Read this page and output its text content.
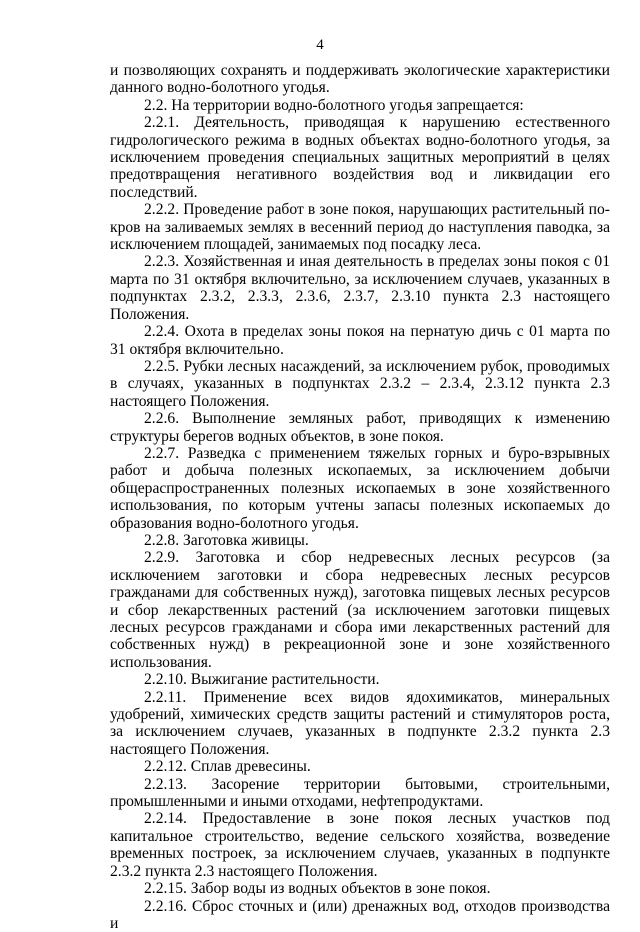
4

и позволяющих сохранять и поддерживать экологические характеристики данного водно-болотного угодья.

2.2. На территории водно-болотного угодья запрещается:

2.2.1. Деятельность, приводящая к нарушению естественного гидрологического режима в водных объектах водно-болотного угодья, за исключением проведения специальных защитных мероприятий в целях предотвращения негативного воздействия вод и ликвидации его последствий.

2.2.2. Проведение работ в зоне покоя, нарушающих растительный покров на заливаемых землях в весенний период до наступления паводка, за исключением площадей, занимаемых под посадку леса.

2.2.3. Хозяйственная и иная деятельность в пределах зоны покоя с 01 марта по 31 октября включительно, за исключением случаев, указанных в подпунктах 2.3.2, 2.3.3, 2.3.6, 2.3.7, 2.3.10 пункта 2.3 настоящего Положения.

2.2.4. Охота в пределах зоны покоя на пернатую дичь с 01 марта по 31 октября включительно.

2.2.5. Рубки лесных насаждений, за исключением рубок, проводимых в случаях, указанных в подпунктах 2.3.2 – 2.3.4, 2.3.12 пункта 2.3 настоящего Положения.

2.2.6. Выполнение земляных работ, приводящих к изменению структуры берегов водных объектов, в зоне покоя.

2.2.7. Разведка с применением тяжелых горных и буро-взрывных работ и добыча полезных ископаемых, за исключением добычи общераспространенных полезных ископаемых в зоне хозяйственного использования, по которым учтены запасы полезных ископаемых до образования водно-болотного угодья.

2.2.8. Заготовка живицы.

2.2.9. Заготовка и сбор недревесных лесных ресурсов (за исключением заготовки и сбора недревесных лесных ресурсов гражданами для собственных нужд), заготовка пищевых лесных ресурсов и сбор лекарственных растений (за исключением заготовки пищевых лесных ресурсов гражданами и сбора ими лекарственных растений для собственных нужд) в рекреационной зоне и зоне хозяйственного использования.

2.2.10. Выжигание растительности.

2.2.11. Применение всех видов ядохимикатов, минеральных удобрений, химических средств защиты растений и стимуляторов роста, за исключением случаев, указанных в подпункте 2.3.2 пункта 2.3 настоящего Положения.

2.2.12. Сплав древесины.

2.2.13. Засорение территории бытовыми, строительными, промышленными и иными отходами, нефтепродуктами.

2.2.14. Предоставление в зоне покоя лесных участков под капитальное строительство, ведение сельского хозяйства, возведение временных построек, за исключением случаев, указанных в подпункте 2.3.2 пункта 2.3 настоящего Положения.

2.2.15. Забор воды из водных объектов в зоне покоя.

2.2.16. Сброс сточных и (или) дренажных вод, отходов производства и
